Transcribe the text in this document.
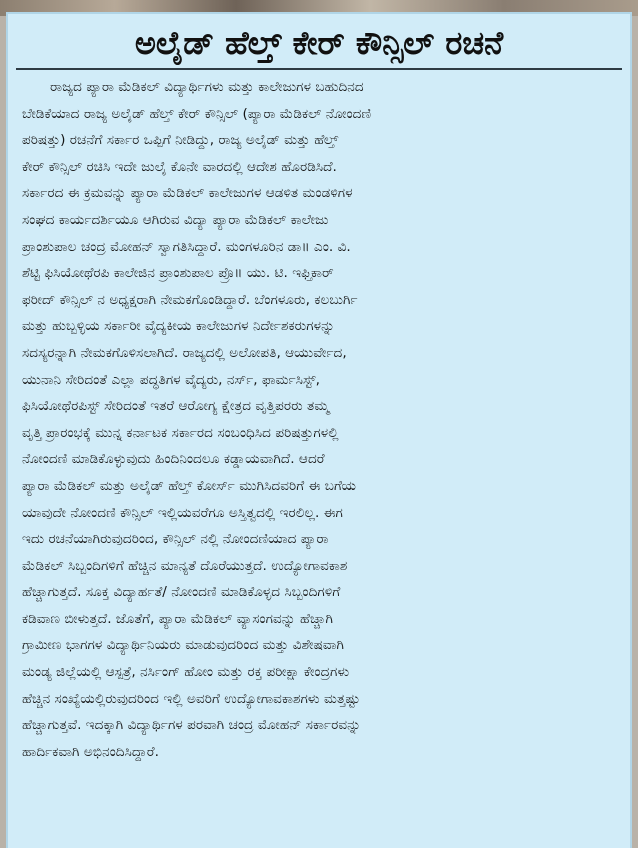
ಅಲೈಡ್ ಹೆಲ್ತ್ ಕೇರ್ ಕೌನ್ಸಿಲ್ ರಚನೆ
ರಾಜ್ಯದ ಪ್ಯಾರಾ ಮೆಡಿಕಲ್ ವಿದ್ಯಾರ್ಥಿಗಳು ಮತ್ತು ಕಾಲೇಜುಗಳ ಬಹುದಿನದ
ಬೇಡಿಕೆಯಾದ ರಾಜ್ಯ ಅಲೈಡ್ ಹೆಲ್ತ್ ಕೇರ್ ಕೌನ್ಸಿಲ್ (ಪ್ಯಾರಾ ಮೆಡಿಕಲ್ ನೋಂದಣಿ
ಪರಿಷತ್ತು) ರಚನೆಗೆ ಸರ್ಕಾರ ಒಪ್ಪಿಗೆ ನೀಡಿದ್ದು, ರಾಜ್ಯ ಅಲೈಡ್ ಮತ್ತು ಹೆಲ್ತ್
ಕೇರ್ ಕೌನ್ಸಿಲ್ ರಚಿಸಿ ಇದೇ ಜುಲೈ ಕೊನೇ ವಾರದಲ್ಲಿ ಆದೇಶ ಹೊರಡಿಸಿದೆ.
ಸರ್ಕಾರದ ಈ ಕ್ರಮವನ್ನು ಪ್ಯಾರಾ ಮೆಡಿಕಲ್ ಕಾಲೇಜುಗಳ ಆಡಳಿತ ಮಂಡಳಿಗಳ
ಸಂಘದ ಕಾರ್ಯದರ್ಶಿಯೂ ಆಗಿರುವ ವಿದ್ಯಾ ಪ್ಯಾರಾ ಮೆಡಿಕಲ್ ಕಾಲೇಜು
ಪ್ರಾಂಶುಪಾಲ ಚಂದ್ರ ಮೋಹನ್ ಸ್ವಾಗತಿಸಿದ್ದಾರೆ. ಮಂಗಳೂರಿನ ಡಾ॥ ಎಂ. ವಿ.
ಶೆಟ್ಟಿ ಫಿಸಿಯೋಥೆರಪಿ ಕಾಲೇಜಿನ ಪ್ರಾಂಶುಪಾಲ ಪ್ರೊ॥ ಯು. ಟಿ. ಇಫ್ತಿಕಾರ್
ಫರೀದ್ ಕೌನ್ಸಿಲ್ ನ ಅಧ್ಯಕ್ಷರಾಗಿ ನೇಮಕಗೊಂಡಿದ್ದಾರೆ. ಬೆಂಗಳೂರು, ಕಲಬುರ್ಗಿ
ಮತ್ತು ಹುಬ್ಬಳ್ಳಿಯ ಸರ್ಕಾರೀ ವೈದ್ಯಕೀಯ ಕಾಲೇಜುಗಳ ನಿರ್ದೇಶಕರುಗಳನ್ನು
ಸದಸ್ಯರನ್ನಾಗಿ ನೇಮಕಗೊಳಿಸಲಾಗಿದೆ. ರಾಜ್ಯದಲ್ಲಿ ಅಲೋಪತಿ, ಆಯುರ್ವೇದ,
ಯುನಾನಿ ಸೇರಿದಂತೆ ಎಲ್ಲಾ ಪದ್ಧತಿಗಳ ವೈದ್ಯರು, ನರ್ಸ್, ಫಾರ್ಮಸಿಸ್ಟ್,
ಫಿಸಿಯೋಥೆರಪಿಸ್ಟ್ ಸೇರಿದಂತೆ ಇತರೆ ಆರೋಗ್ಯ ಕ್ಷೇತ್ರದ ವೃತ್ತಿಪರರು ತಮ್ಮ
ವೃತ್ತಿ ಪ್ರಾರಂಭಕ್ಕೆ ಮುನ್ನ ಕರ್ನಾಟಕ ಸರ್ಕಾರದ ಸಂಬಂಧಿಸಿದ ಪರಿಷತ್ತುಗಳಲ್ಲಿ
ನೋಂದಣಿ ಮಾಡಿಕೊಳ್ಳುವುದು ಹಿಂದಿನಿಂದಲೂ ಕಡ್ಡಾಯವಾಗಿದೆ. ಆದರೆ
ಪ್ಯಾರಾ ಮೆಡಿಕಲ್ ಮತ್ತು ಅಲೈಡ್ ಹೆಲ್ತ್ ಕೋರ್ಸ್ ಮುಗಿಸಿದವರಿಗೆ ಈ ಬಗೆಯ
ಯಾವುದೇ ನೋಂದಣಿ ಕೌನ್ಸಿಲ್ ಇಲ್ಲಿಯವರೆಗೂ ಅಸ್ತಿತ್ವದಲ್ಲಿ ಇರಲಿಲ್ಲ. ಈಗ
ಇದು ರಚನೆಯಾಗಿರುವುದರಿಂದ, ಕೌನ್ಸಿಲ್ ನಲ್ಲಿ ನೋಂದಣಿಯಾದ ಪ್ಯಾರಾ
ಮೆಡಿಕಲ್ ಸಿಬ್ಬಂದಿಗಳಿಗೆ ಹೆಚ್ಚಿನ ಮಾನ್ಯತೆ ದೊರೆಯುತ್ತದೆ. ಉದ್ಯೋಗಾವಕಾಶ
ಹೆಚ್ಚಾಗುತ್ತದೆ. ಸೂಕ್ತ ವಿದ್ಯಾರ್ಹತೆ/ ನೋಂದಣಿ ಮಾಡಿಕೊಳ್ಳದ ಸಿಬ್ಬಂದಿಗಳಿಗೆ
ಕಡಿವಾಣ ಬೀಳುತ್ತದೆ. ಜೊತೆಗೆ, ಪ್ಯಾರಾ ಮೆಡಿಕಲ್ ವ್ಯಾಸಂಗವನ್ನು ಹೆಚ್ಚಾಗಿ
ಗ್ರಾಮೀಣ ಭಾಗಗಳ ವಿದ್ಯಾರ್ಥಿನಿಯರು ಮಾಡುವುದರಿಂದ ಮತ್ತು ವಿಶೇಷವಾಗಿ
ಮಂಡ್ಯ ಜಿಲ್ಲೆಯಲ್ಲಿ ಆಸ್ಪತ್ರೆ, ನರ್ಸಿಂಗ್ ಹೋಂ ಮತ್ತು ರಕ್ತ ಪರೀಕ್ಷಾ ಕೇಂದ್ರಗಳು
ಹೆಚ್ಚಿನ ಸಂಖ್ಯೆಯಲ್ಲಿರುವುದರಿಂದ ಇಲ್ಲಿ ಅವರಿಗೆ ಉದ್ಯೋಗಾವಕಾಶಗಳು ಮತ್ತಷ್ಟು
ಹೆಚ್ಚಾಗುತ್ತವೆ. ಇದಕ್ಕಾಗಿ ವಿದ್ಯಾರ್ಥಿಗಳ ಪರವಾಗಿ ಚಂದ್ರ ಮೋಹನ್ ಸರ್ಕಾರವನ್ನು
ಹಾರ್ದಿಕವಾಗಿ ಅಭಿನಂದಿಸಿದ್ದಾರೆ.
